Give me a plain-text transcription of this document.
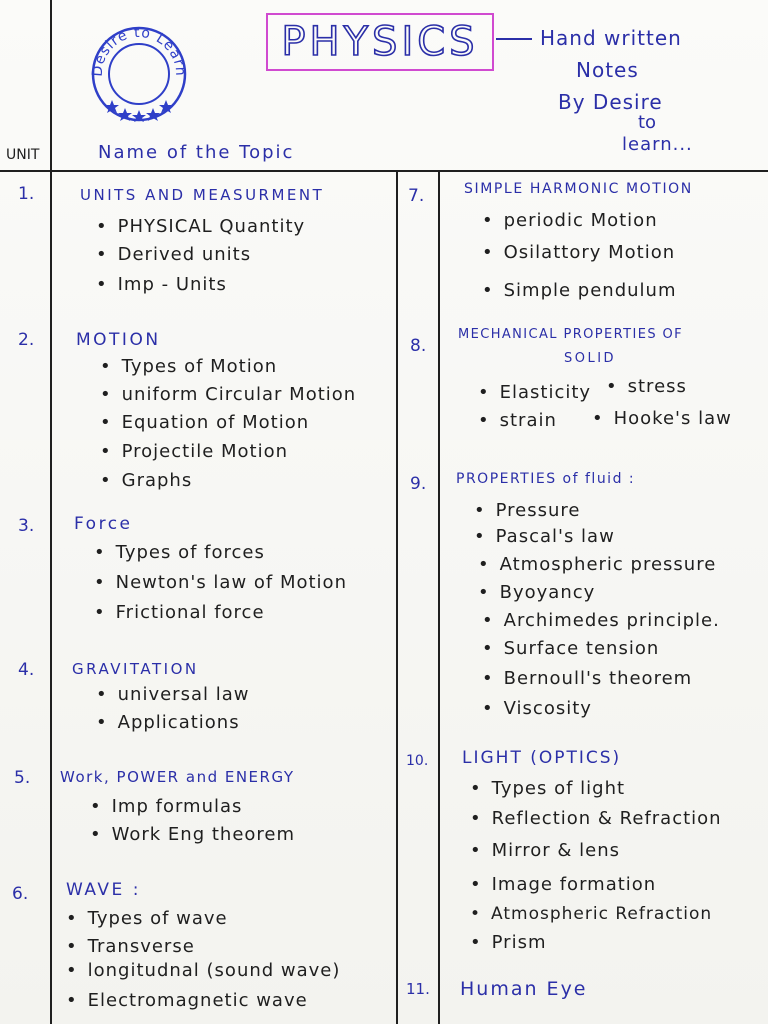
Desire to Learn
PHYSICS	Hand written
Notes
By Desire
to
learn...
UNIT	Name of the Topic
1.	UNITS AND MEASURMENT
• PHYSICAL Quantity
• Derived units
• Imp - Units
2. MOTION
• Types of Motion
• uniform Circular Motion
• Equation of Motion
• Projectile Motion
• Graphs
3. Force
• Types of forces
• Newton's law of Motion
• Frictional force
4.	GRAVITATION
• universal law
• Applications
5. Work, POWER and ENERGY
• Imp formulas
• Work Eng theorem
6. WAVE :
• Types of wave
• Transverse
• longitudnal (sound wave)
• Electromagnetic wave
7.	SIMPLE HARMONIC MOTION
• periodic Motion
• Osilattory Motion
• Simple pendulum
8.
MECHANICAL PROPERTIES OF
SOLID
• Elasticity	• stress
• strain	• Hooke's law
9. PROPERTIES of fluid :
• Pressure
• Pascal's law
• Atmospheric pressure
• Byoyancy
• Archimedes principle.
• Surface tension
• Bernoull's theorem
• Viscosity
10. LIGHT (OPTICS)
• Types of light
• Reflection & Refraction
• Mirror & lens
• Image formation
• Atmospheric Refraction
• Prism
11. Human Eye
